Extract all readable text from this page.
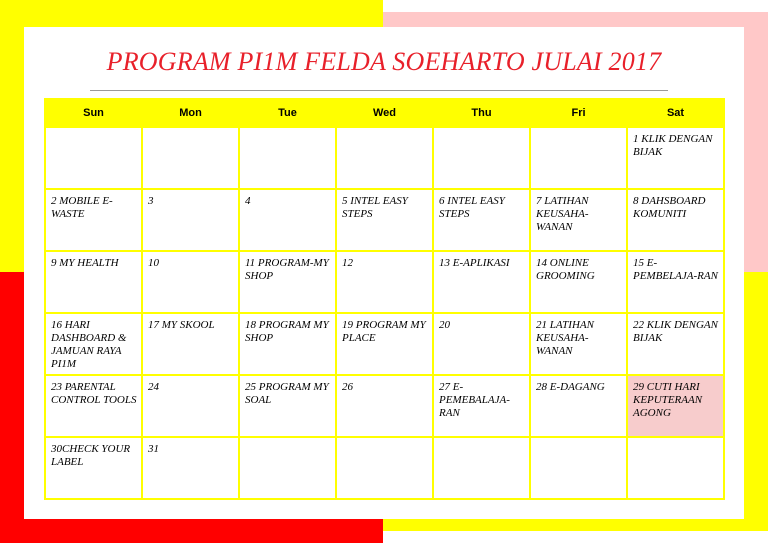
PROGRAM PI1M FELDA SOEHARTO JULAI 2017
Sun	Mon	Tue	Wed	Thu	Fri	Sat

						1 KLIK DENGAN BIJAK

2 MOBILE E-WASTE	3	4	5 INTEL EASY STEPS	6 INTEL EASY STEPS	7 LATIHAN KEUSAHA-WANAN	8 DAHSBOARD KOMUNITI

9 MY HEALTH	10	11 PROGRAM-MY SHOP	12	13 E-APLIKASI	14 ONLINE GROOMING	15 E-PEMBELAJA-RAN

16 HARI DASHBOARD & JAMUAN RAYA PI1M	17 MY SKOOL	18 PROGRAM MY SHOP	19 PROGRAM MY PLACE	20	21 LATIHAN KEUSAHA-WANAN	22 KLIK DENGAN BIJAK

23 PARENTAL CONTROL TOOLS	24	25 PROGRAM MY SOAL	26	27 E-PEMEBALAJA-RAN	28 E-DAGANG	29 CUTI HARI KEPUTERAAN AGONG

30CHECK YOUR LABEL	31					
